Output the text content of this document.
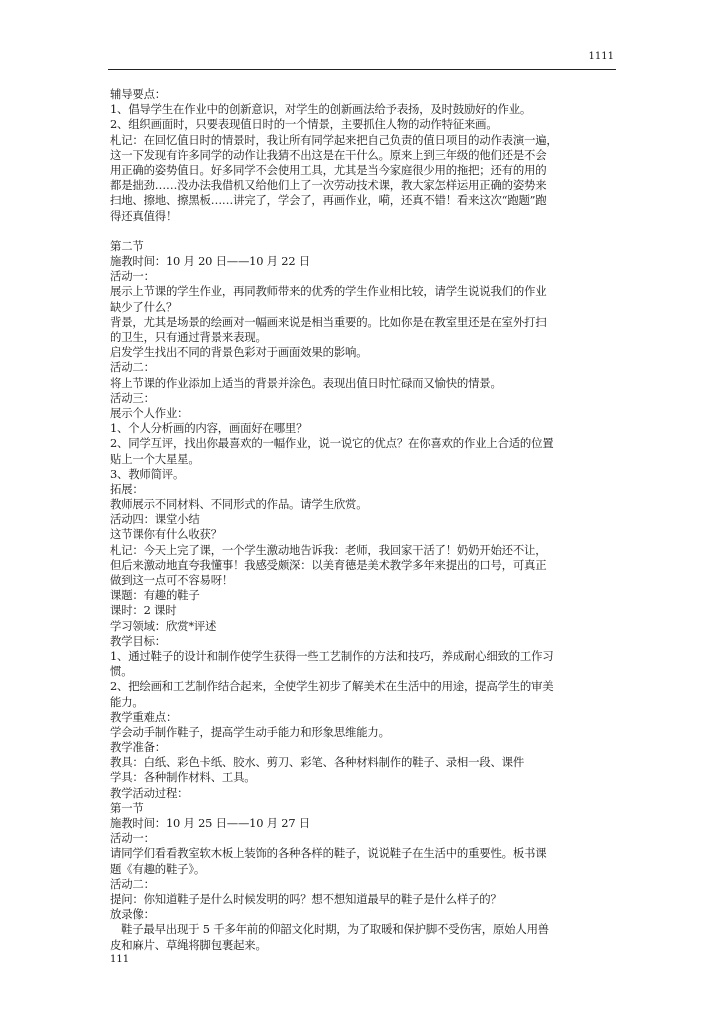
1111
辅导要点：
1、倡导学生在作业中的创新意识，对学生的创新画法给予表扬，及时鼓励好的作业。
2、组织画面时，只要表现值日时的一个情景，主要抓住人物的动作特征来画。
札记：在回忆值日时的情景时，我让所有同学起来把自己负责的值日项目的动作表演一遍，
这一下发现有许多同学的动作让我猜不出这是在干什么。原来上到三年级的他们还是不会
用正确的姿势值日。好多同学不会使用工具，尤其是当今家庭很少用的拖把；还有的用的
都是拙劲……没办法我借机又给他们上了一次劳动技术课，教大家怎样运用正确的姿势来
扫地、擦地、擦黑板……讲完了，学会了，再画作业，嗬，还真不错！看来这次“跑题”跑
得还真值得！
第二节
施教时间：10 月 20 日——10 月 22 日
活动一：
展示上节课的学生作业，再同教师带来的优秀的学生作业相比较，请学生说说我们的作业
缺少了什么？
背景，尤其是场景的绘画对一幅画来说是相当重要的。比如你是在教室里还是在室外打扫
的卫生，只有通过背景来表现。
启发学生找出不同的背景色彩对于画面效果的影响。
活动二：
将上节课的作业添加上适当的背景并涂色。表现出值日时忙碌而又愉快的情景。
活动三：
展示个人作业：
1、个人分析画的内容，画面好在哪里？
2、同学互评，找出你最喜欢的一幅作业，说一说它的优点？在你喜欢的作业上合适的位置
贴上一个大星星。
3、教师简评。
拓展：
教师展示不同材料、不同形式的作品。请学生欣赏。
活动四：课堂小结
这节课你有什么收获？
札记：今天上完了课，一个学生激动地告诉我：老师，我回家干活了！奶奶开始还不让，
但后来激动地直夸我懂事！我感受颇深：以美育德是美术教学多年来提出的口号，可真正
做到这一点可不容易呀！
课题：有趣的鞋子
课时：2 课时
学习领域：欣赏*评述
教学目标：
1、通过鞋子的设计和制作使学生获得一些工艺制作的方法和技巧，养成耐心细致的工作习
惯。
2、把绘画和工艺制作结合起来，全使学生初步了解美术在生活中的用途，提高学生的审美
能力。
教学重难点：
学会动手制作鞋子，提高学生动手能力和形象思维能力。
教学准备：
教具：白纸、彩色卡纸、胶水、剪刀、彩笔、各种材料制作的鞋子、录相一段、课件
学具：各种制作材料、工具。
教学活动过程：
第一节
施教时间：10 月 25 日——10 月 27 日
活动一：
请同学们看看教室软木板上装饰的各种各样的鞋子，说说鞋子在生活中的重要性。板书课
题《有趣的鞋子》。
活动二：
提问：你知道鞋子是什么时候发明的吗？想不想知道最早的鞋子是什么样子的？
放录像：
鞋子最早出现于 5 千多年前的仰韶文化时期，为了取暖和保护脚不受伤害，原始人用兽
皮和麻片、草绳将脚包裹起来。
111
